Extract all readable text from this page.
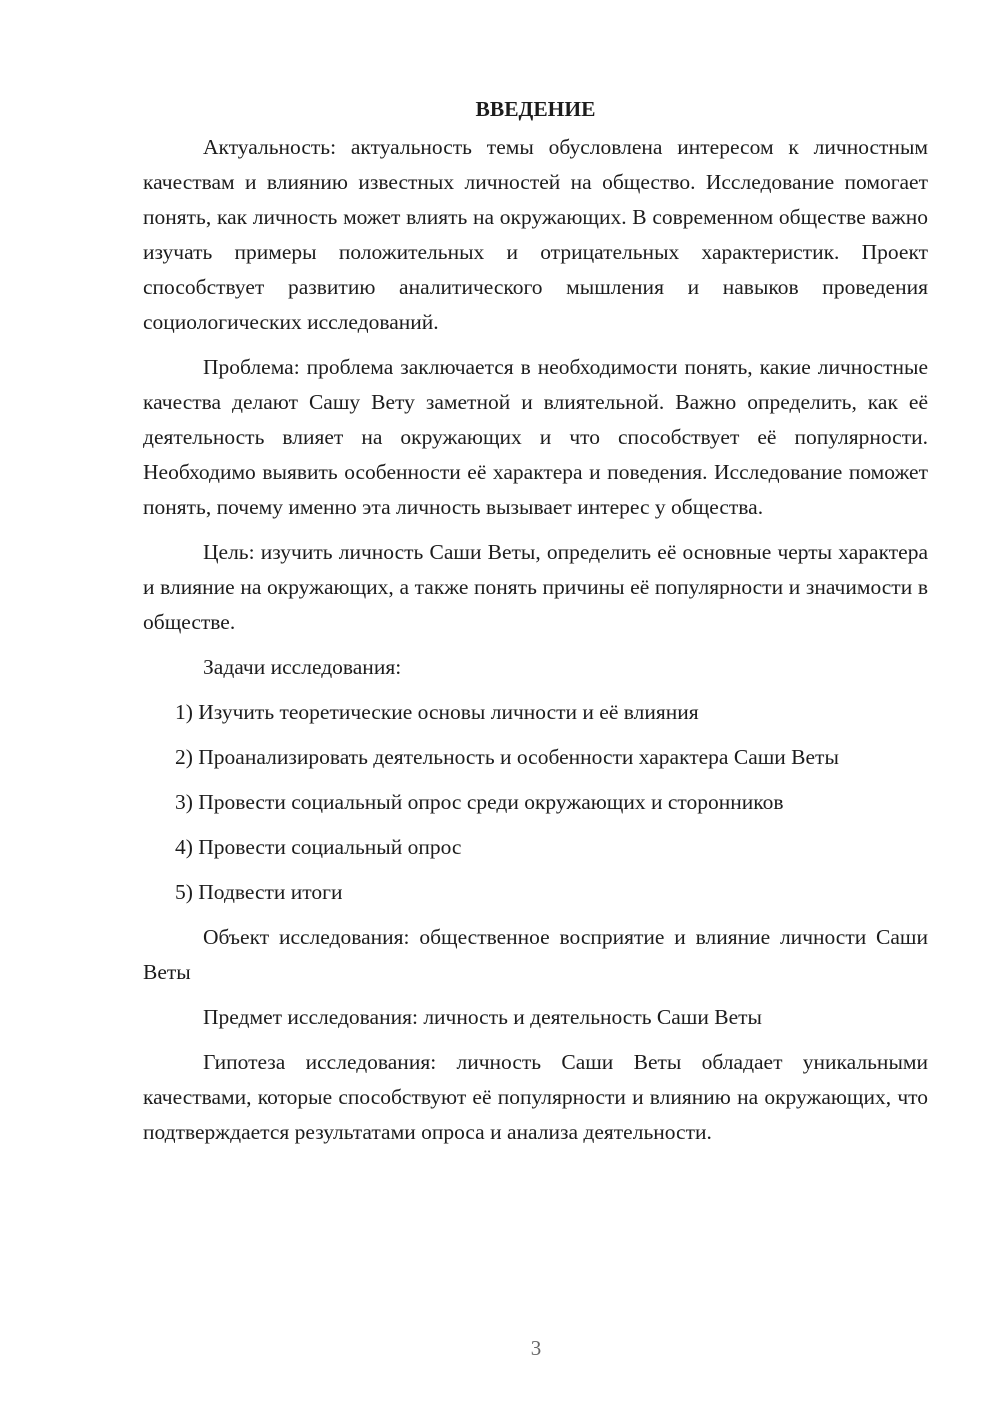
ВВЕДЕНИЕ

Актуальность: актуальность темы обусловлена интересом к личностным качествам и влиянию известных личностей на общество. Исследование помогает понять, как личность может влиять на окружающих. В современном обществе важно изучать примеры положительных и отрицательных характеристик. Проект способствует развитию аналитического мышления и навыков проведения социологических исследований.

Проблема: проблема заключается в необходимости понять, какие личностные качества делают Сашу Вету заметной и влиятельной. Важно определить, как её деятельность влияет на окружающих и что способствует её популярности. Необходимо выявить особенности её характера и поведения. Исследование поможет понять, почему именно эта личность вызывает интерес у общества.

Цель: изучить личность Саши Веты, определить её основные черты характера и влияние на окружающих, а также понять причины её популярности и значимости в обществе.

Задачи исследования:

1) Изучить теоретические основы личности и её влияния

2) Проанализировать деятельность и особенности характера Саши Веты

3) Провести социальный опрос среди окружающих и сторонников

4) Провести социальный опрос

5) Подвести итоги

Объект исследования: общественное восприятие и влияние личности Саши Веты

Предмет исследования: личность и деятельность Саши Веты

Гипотеза исследования: личность Саши Веты обладает уникальными качествами, которые способствуют её популярности и влиянию на окружающих, что подтверждается результатами опроса и анализа деятельности.

3
